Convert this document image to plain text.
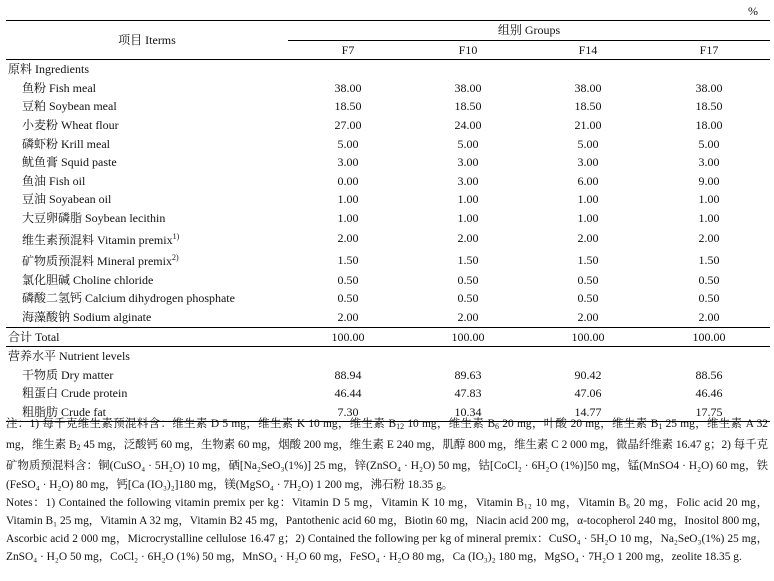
%
项目 Iterms	组别 Groups			

	F7	F10	F14	F17
原料 Ingredients				
鱼粉 Fish meal	38.00	38.00	38.00	38.00
豆粕 Soybean meal	18.50	18.50	18.50	18.50
小麦粉 Wheat flour	27.00	24.00	21.00	18.00
磷虾粉 Krill meal	5.00	5.00	5.00	5.00
鱿鱼膏 Squid paste	3.00	3.00	3.00	3.00
鱼油 Fish oil	0.00	3.00	6.00	9.00
豆油 Soyabean oil	1.00	1.00	1.00	1.00
大豆卵磷脂 Soybean lecithin	1.00	1.00	1.00	1.00
维生素预混料 Vitamin premix$^{1)}$	2.00	2.00	2.00	2.00
矿物质预混料 Mineral premix$^{2)}$	1.50	1.50	1.50	1.50
氯化胆碱 Choline chloride	0.50	0.50	0.50	0.50
磷酸二氢钙 Calcium dihydrogen phosphate	0.50	0.50	0.50	0.50
海藻酸钠 Sodium alginate	2.00	2.00	2.00	2.00
合计 Total	100.00	100.00	100.00	100.00
营养水平 Nutrient levels				
干物质 Dry matter	88.94	89.63	90.42	88.56
粗蛋白 Crude protein	46.44	47.83	47.06	46.46
粗脂肪 Crude fat	7.30	10.34	14.77	17.75

注：1) 每千克维生素预混料含：维生素 D 5 mg，维生素 K 10 mg，维生素 $B_{12}$ 10 mg，维生素 $B_6$ 20 mg，叶酸 20 mg，维生素 $B_1$ 25 mg，维生素 A 32 mg，维生素 $B_2$ 45 mg，泛酸钙 60 mg，生物素 60 mg，烟酸 200 mg，维生素 E 240 mg，肌醇 800 mg，维生素 C 2 000 mg，微晶纤维素 16.47 g；2) 每千克矿物质预混料含：铜(CuSO₄ · 5H₂O) 10 mg，硒[Na₂SeO₃(1%)] 25 mg，锌(ZnSO₄ · H₂O) 50 mg，钴[CoCl₂ · 6H₂O (1%)]50 mg，锰(MnSO4 · H₂O) 60 mg，铁(FeSO₄ · H₂O) 80 mg，钙[Ca (IO₃)₂]180 mg，镁(MgSO₄ · 7H₂O) 1 200 mg，沸石粉 18.35 g。

Notes：1) Contained the following vitamin premix per kg：Vitamin D 5 mg，Vitamin K 10 mg，Vitamin B₁₂ 10 mg，Vitamin B₆ 20 mg，Folic acid 20 mg，Vitamin B₁ 25 mg，Vitamin A 32 mg，Vitamin B2 45 mg，Pantothenic acid 60 mg，Biotin 60 mg，Niacin acid 200 mg，α-tocopherol 240 mg，Inositol 800 mg，Ascorbic acid 2 000 mg，Microcrystalline cellulose 16.47 g；2) Contained the following per kg of mineral premix：CuSO₄ · 5H₂O 10 mg，Na₂SeO₃(1%) 25 mg，ZnSO₄ · H₂O 50 mg，CoCl₂ · 6H₂O (1%) 50 mg，MnSO₄ · H₂O 60 mg，FeSO₄ · H₂O 80 mg，Ca (IO₃)₂ 180 mg，MgSO₄ · 7H₂O 1 200 mg，zeolite 18.35 g.
